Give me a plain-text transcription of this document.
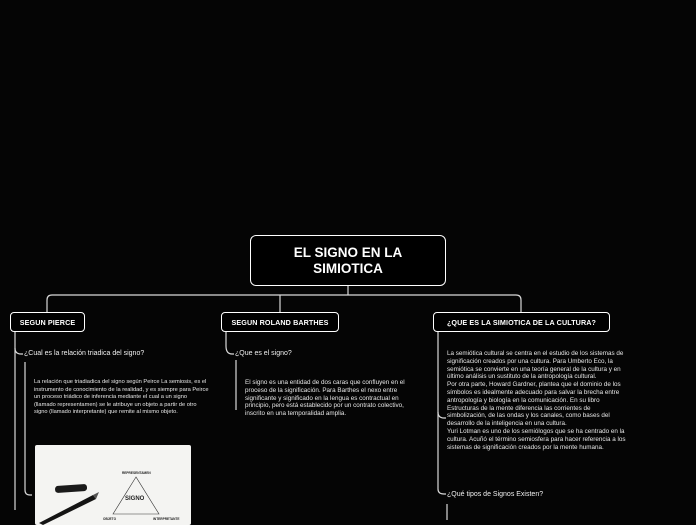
EL SIGNO EN LA
SIMIOTICA
SEGUN PIERCE
¿Cual es la relación triadica del signo?
La relación que triadiadica del signo según Peirce La semiosis, es el instrumento de conocimiento de la realidad, y es siempre para Peirce un proceso triádico de inferencia mediante el cual a un signo (llamado representamen) se le atribuye un objeto a partir de otro signo (llamado interpretante) que remite al mismo objeto.
REPRESENTAMEN
SIGNO
OBJETO	INTERPRETANTE
SEGUN ROLAND BARTHES
¿Que es el signo?
El signo es una entidad de dos caras que confluyen en el proceso de la significación. Para Barthes el nexo entre significante y significado en la lengua es contractual en principio, pero está establecido por un contrato colectivo, inscrito en una temporalidad amplia.
¿QUE ES LA SIMIOTICA DE LA CULTURA?
La semiótica cultural se centra en el estudio de los sistemas de significación creados por una cultura. Para Umberto Eco, la semiótica se convierte en una teoría general de la cultura y en último análisis un sustituto de la antropología cultural.
Por otra parte, Howard Gardner, plantea que el dominio de los símbolos es idealmente adecuado para salvar la brecha entre antropología y biología en la comunicación. En su libro Estructuras de la mente diferencia las corrientes de simbolización, de las ondas y los canales, como bases del desarrollo de la inteligencia en una cultura.
Yuri Lotman es uno de los semiólogos que se ha centrado en la cultura. Acuñó el término semiosfera para hacer referencia a los sistemas de significación creados por la mente humana.
¿Qué tipos de Signos Existen?
